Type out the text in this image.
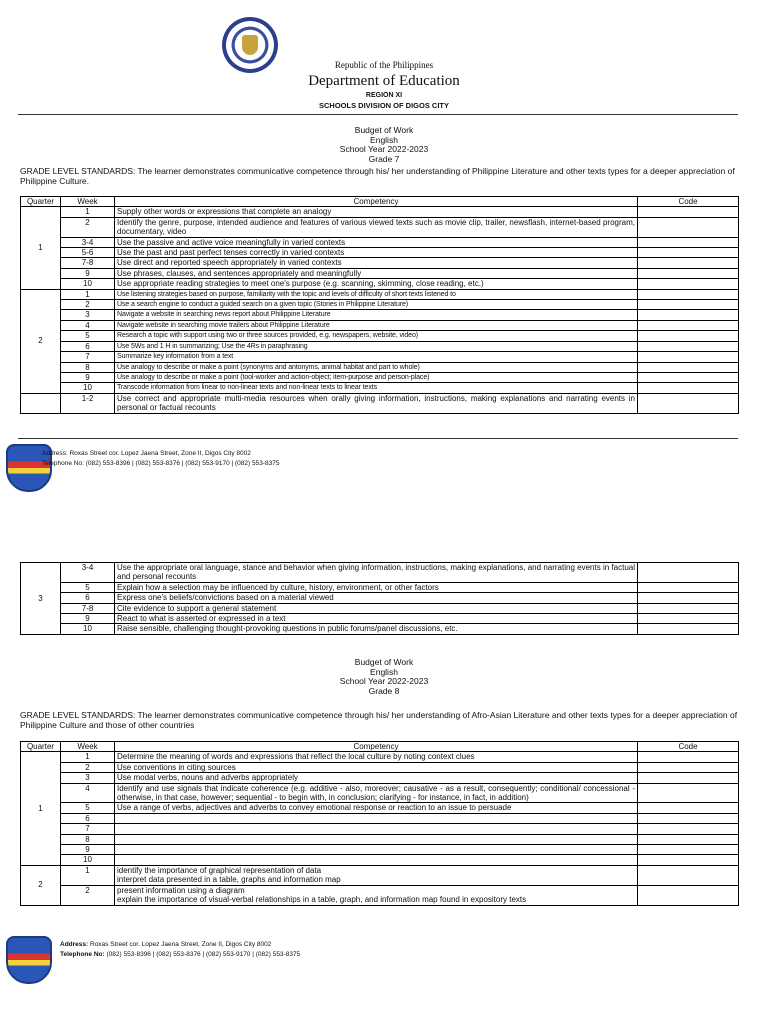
Republic of the Philippines
Department of Education
REGION XI
SCHOOLS DIVISION OF DIGOS CITY
Budget of Work
English
School Year 2022-2023
Grade 7
GRADE LEVEL STANDARDS: The learner demonstrates communicative competence through his/ her understanding of Philippine Literature and other texts types for a deeper appreciation of Philippine Culture.
Quarter	Week	Competency	Code
1	1	Supply other words or expressions that complete an analogy	
	2	Identify the genre, purpose, intended audience and features of various viewed texts such as movie clip, trailer, newsflash, internet-based program, documentary, video	
	3-4	Use the passive and active voice meaningfully in varied contexts	
	5-6	Use the past and past perfect tenses correctly in varied contexts	
	7-8	Use direct and reported speech appropriately in varied contexts	
	9	Use phrases, clauses, and sentences appropriately and meaningfully	
	10	Use appropriate reading strategies to meet one's purpose (e.g. scanning, skimming, close reading, etc.)	
2	1	Use listening strategies based on purpose, familiarity with the topic and levels of difficulty of short texts listened to	
	2	Use a search engine to conduct a guided search on a given topic (Stories in Philippine Literature)	
	3	Navigate a website in searching news report about Philippine Literature	
	4	Navigate website in searching movie trailers about Philippine Literature	
	5	Research a topic with support using two or three sources provided, e.g. newspapers, website, video)	
	6	Use 5Ws and 1 H in summarizing; Use the 4Rs in paraphrasing	
	7	Summarize key information from a text	
	8	Use analogy to describe or make a point (synonyms and antonyms, animal habitat and part to whole)	
	9	Use analogy to describe or make a point (tool-worker and action-object; item-purpose and person-place)	
	10	Transcode information from linear to non-linear texts and non-linear texts to linear texts	
	1-2	Use correct and appropriate multi-media resources when orally giving information, instructions, making explanations and narrating events in personal or factual recounts	
Address: Roxas Street cor. Lopez Jaena Street, Zone II, Digos City 8002
Telephone No: (082) 553-8396 | (082) 553-8376 | (082) 553-9170 | (082) 553-8375
3	3-4	Use the appropriate oral language, stance and behavior when giving information, instructions, making explanations, and narrating events in factual and personal recounts	
	5	Explain how a selection may be influenced by culture, history, environment, or other factors	
	6	Express one's beliefs/convictions based on a material viewed	
	7-8	Cite evidence to support a general statement	
	9	React to what is asserted or expressed in a text	
	10	Raise sensible, challenging thought-provoking questions in public forums/panel discussions, etc.	
Budget of Work
English
School Year 2022-2023
Grade 8
GRADE LEVEL STANDARDS: The learner demonstrates communicative competence through his/ her understanding of Afro-Asian Literature and other texts types for a deeper appreciation of Philippine Culture and those of other countries
Quarter	Week	Competency	Code
1	1	Determine the meaning of words and expressions that reflect the local culture by noting context clues	
	2	Use conventions in citing sources	
	3	Use modal verbs, nouns and adverbs appropriately	
	4	Identify and use signals that indicate coherence (e.g. additive - also, moreover; causative - as a result, consequently; conditional/ concessional - otherwise, in that case, however; sequential - to begin with, in conclusion; clarifying - for instance, in fact, in addition)	
	5	Use a range of verbs, adjectives and adverbs to convey emotional response or reaction to an issue to persuade	
	6		
	7		
	8		
	9		
	10		
2	1	identify the importance of graphical representation of data
interpret data presented in a table, graphs and information map	

	2	present information using a diagram
explain the importance of visual-verbal relationships in a table, graph, and information map found in expository texts	

Address: Roxas Street cor. Lopez Jaena Street, Zone II, Digos City 8002
Telephone No: (082) 553-8396 | (082) 553-8376 | (082) 553-9170 | (082) 553-8375
